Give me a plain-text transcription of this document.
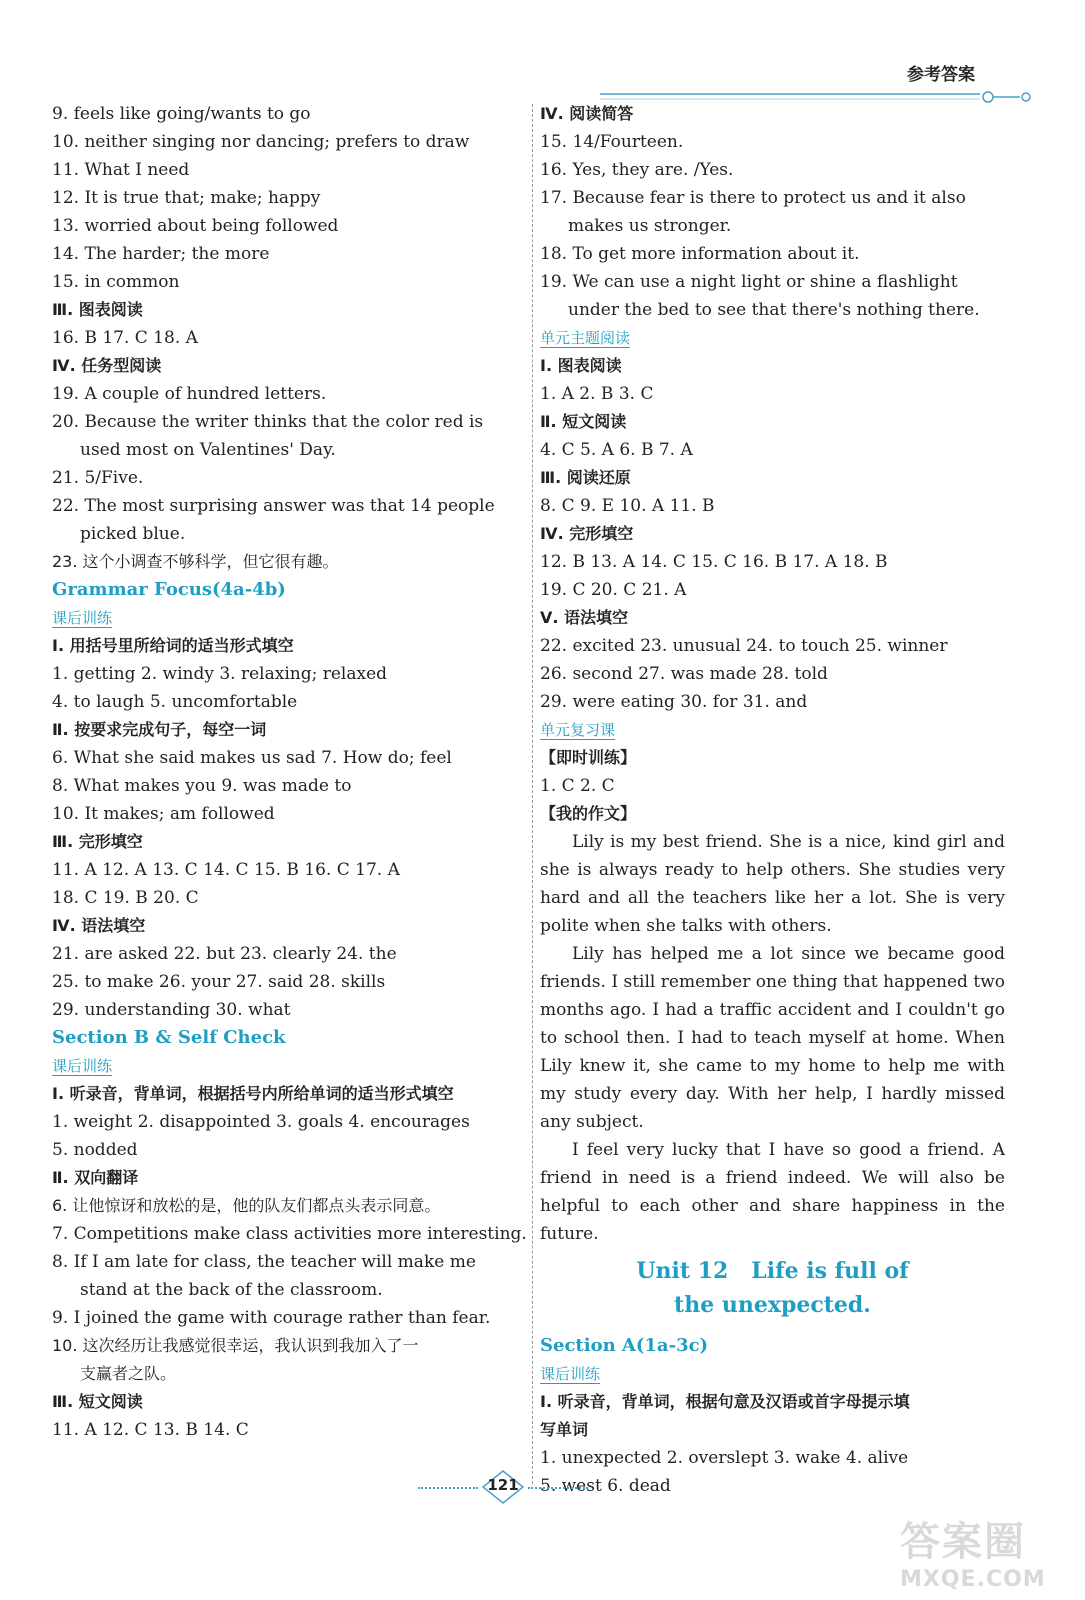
参考答案
9. feels like going/wants to go
10. neither singing nor dancing; prefers to draw
11. What I need
12. It is true that; make; happy
13. worried about being followed
14. The harder; the more
15. in common
Ⅲ. 图表阅读
16. B 17. C 18. A
Ⅳ. 任务型阅读
19. A couple of hundred letters.
20. Because the writer thinks that the color red is
used most on Valentines' Day.
21. 5/Five.
22. The most surprising answer was that 14 people
picked blue.
23. 这个小调查不够科学，但它很有趣。
Grammar Focus(4a-4b)
课后训练
Ⅰ. 用括号里所给词的适当形式填空
1. getting 2. windy 3. relaxing; relaxed
4. to laugh 5. uncomfortable
Ⅱ. 按要求完成句子，每空一词
6. What she said makes us sad 7. How do; feel
8. What makes you 9. was made to
10. It makes; am followed
Ⅲ. 完形填空
11. A 12. A 13. C 14. C 15. B 16. C 17. A
18. C 19. B 20. C
Ⅳ. 语法填空
21. are asked 22. but 23. clearly 24. the
25. to make 26. your 27. said 28. skills
29. understanding 30. what
Section B & Self Check
课后训练
Ⅰ. 听录音，背单词，根据括号内所给单词的适当形式填空
1. weight 2. disappointed 3. goals 4. encourages
5. nodded
Ⅱ. 双向翻译
6. 让他惊讶和放松的是，他的队友们都点头表示同意。
7. Competitions make class activities more interesting.
8. If I am late for class, the teacher will make me
stand at the back of the classroom.
9. I joined the game with courage rather than fear.
10. 这次经历让我感觉很幸运，我认识到我加入了一
支赢者之队。
Ⅲ. 短文阅读
11. A 12. C 13. B 14. C
Ⅳ. 阅读简答
15. 14/Fourteen.
16. Yes, they are. /Yes.
17. Because fear is there to protect us and it also
makes us stronger.
18. To get more information about it.
19. We can use a night light or shine a flashlight
under the bed to see that there's nothing there.
单元主题阅读
Ⅰ. 图表阅读
1. A 2. B 3. C
Ⅱ. 短文阅读
4. C 5. A 6. B 7. A
Ⅲ. 阅读还原
8. C 9. E 10. A 11. B
Ⅳ. 完形填空
12. B 13. A 14. C 15. C 16. B 17. A 18. B
19. C 20. C 21. A
Ⅴ. 语法填空
22. excited 23. unusual 24. to touch 25. winner
26. second 27. was made 28. told
29. were eating 30. for 31. and
单元复习课
【即时训练】
1. C 2. C
【我的作文】

Lily is my best friend. She is a nice, kind girl and she is always ready to help others. She studies very hard and all the teachers like her a lot. She is very polite when she talks with others.

Lily has helped me a lot since we became good friends. I still remember one thing that happened two months ago. I had a traffic accident and I couldn't go to school then. I had to teach myself at home. When Lily knew it, she came to my home to help me with my study every day. With her help, I hardly missed any subject.

I feel very lucky that I have so good a friend. A friend in need is a friend indeed. We will also be helpful to each other and share happiness in the future.

Unit 12   Life is full of
the unexpected.
Section A(1a-3c)
课后训练
Ⅰ. 听录音，背单词，根据句意及汉语或首字母提示填
写单词
1. unexpected 2. overslept 3. wake 4. alive
5. west 6. dead
121
答案圈
MXQE.COM
